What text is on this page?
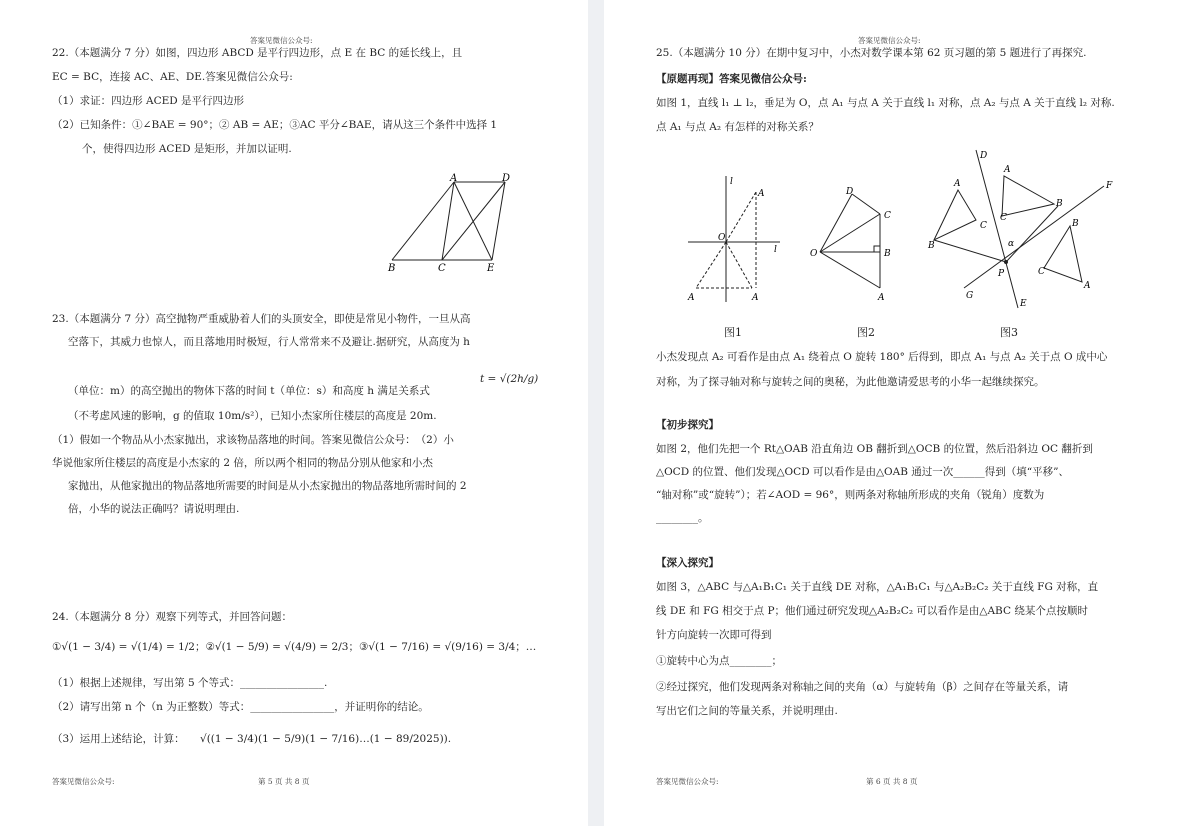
答案见微信公众号:
22.（本题满分 7 分）如图，四边形 ABCD 是平行四边形，点 E 在 BC 的延长线上，且
EC = BC，连接 AC、AE、DE.答案见微信公众号:
（1）求证：四边形 ACED 是平行四边形
（2）已知条件：①∠BAE = 90°；② AB = AE；③AC 平分∠BAE，请从这三个条件中选择 1
个，使得四边形 ACED 是矩形，并加以证明.
A	D
B	C	E
23.（本题满分 7 分）高空抛物严重威胁着人们的头顶安全，即使是常见小物件，一旦从高
空落下，其威力也惊人，而且落地用时极短，行人常常来不及避让.据研究，从高度为 h
（单位：m）的高空抛出的物体下落的时间 t（单位：s）和高度 h 满足关系式
t = √(2h/g)
（不考虑风速的影响，g 的值取 10m/s²），已知小杰家所住楼层的高度是 20m.
（1）假如一个物品从小杰家抛出，求该物品落地的时间。答案见微信公众号：　（2）小
华说他家所住楼层的高度是小杰家的 2 倍，所以两个相同的物品分别从他家和小杰
家抛出，从他家抛出的物品落地所需要的时间是从小杰家抛出的物品落地所需时间的 2
倍，小华的说法正确吗？请说明理由.
24.（本题满分 8 分）观察下列等式，并回答问题：
①√(1 − 3/4) = √(1/4) = 1/2；②√(1 − 5/9) = √(4/9) = 2/3；③√(1 − 7/16) = √(9/16) = 3/4；…
（1）根据上述规律，写出第 5 个等式：________________.
（2）请写出第 n 个（n 为正整数）等式：________________，并证明你的结论。
（3）运用上述结论，计算： √((1 − 3/4)(1 − 5/9)(1 − 7/16)…(1 − 89/2025)).
答案见微信公众号:	第 5 页 共 8 页
答案见微信公众号:
25.（本题满分 10 分）在期中复习中，小杰对数学课本第 62 页习题的第 5 题进行了再探究.
【原题再现】答案见微信公众号:
如图 1，直线 l₁ ⊥ l₂，垂足为 O，点 A₁ 与点 A 关于直线 l₁ 对称，点 A₂ 与点 A 关于直线 l₂ 对称.
点 A₁ 与点 A₂ 有怎样的对称关系？
l
l
O
A
A
A
D
C
B
O
A
D
F
A
B
C
A
C
B
B
C
A
α
P
G
E
图1	图2	图3
小杰发现点 A₂ 可看作是由点 A₁ 绕着点 O 旋转 180° 后得到，即点 A₁ 与点 A₂ 关于点 O 成中心
对称，为了探寻轴对称与旋转之间的奥秘，为此他邀请爱思考的小华一起继续探究。
【初步探究】
如图 2，他们先把一个 Rt△OAB 沿直角边 OB 翻折到△OCB 的位置，然后沿斜边 OC 翻折到
△OCD 的位置、他们发现△OCD 可以看作是由△OAB 通过一次______得到（填“平移”、
“轴对称”或“旋转”）；若∠AOD = 96°，则两条对称轴所形成的夹角（锐角）度数为
________。
【深入探究】
如图 3，△ABC 与△A₁B₁C₁ 关于直线 DE 对称，△A₁B₁C₁ 与△A₂B₂C₂ 关于直线 FG 对称，直
线 DE 和 FG 相交于点 P；他们通过研究发现△A₂B₂C₂ 可以看作是由△ABC 绕某个点按顺时
针方向旋转一次即可得到
①旋转中心为点________；
②经过探究，他们发现两条对称轴之间的夹角（α）与旋转角（β）之间存在等量关系，请
写出它们之间的等量关系，并说明理由.
答案见微信公众号:	第 6 页 共 8 页
